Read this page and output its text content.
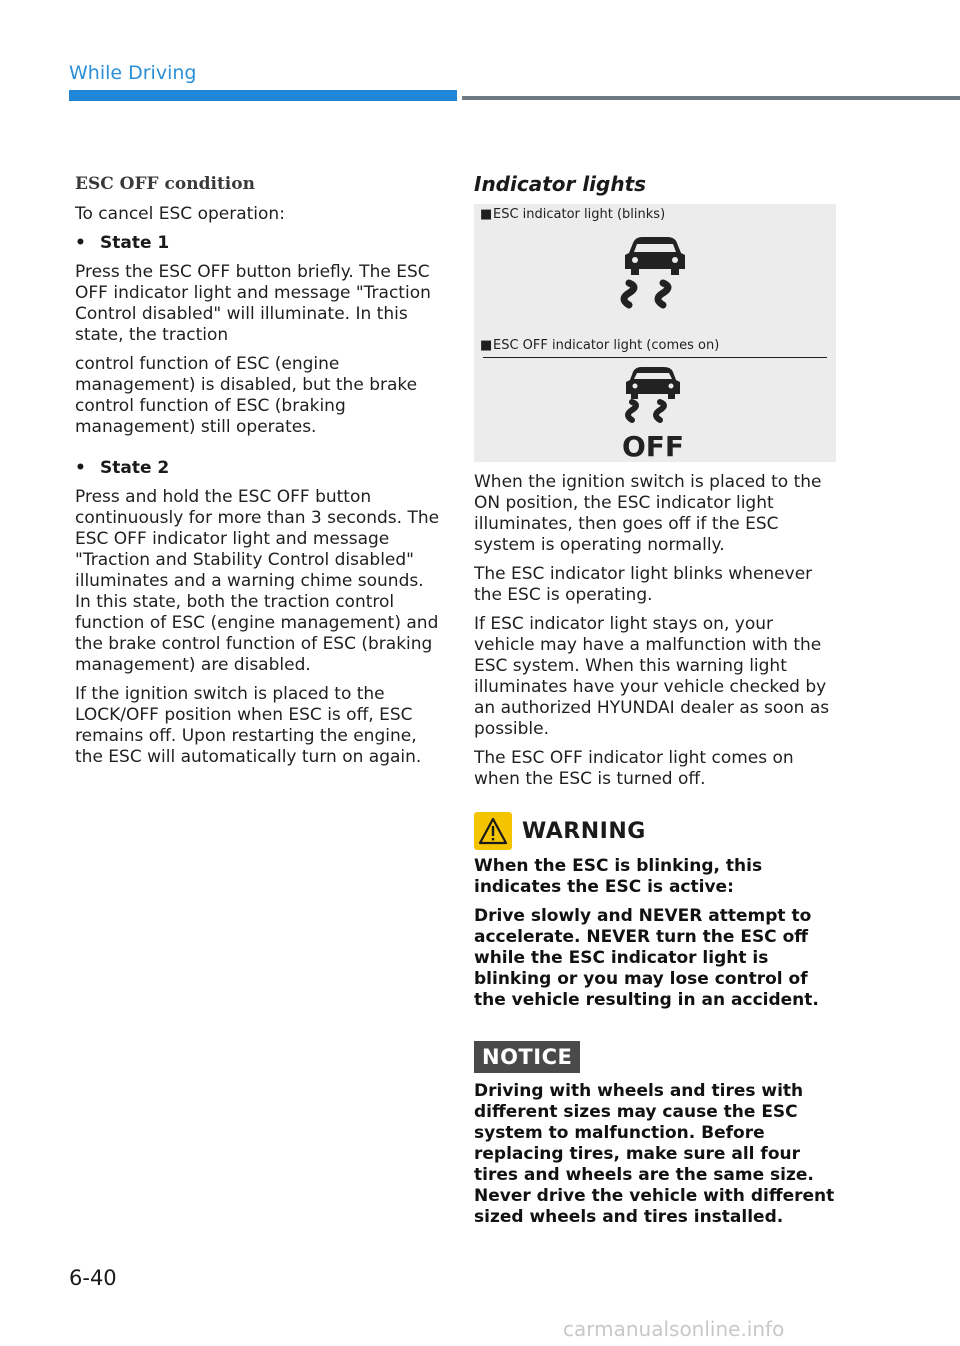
While Driving
ESC OFF condition

To cancel ESC operation:

• State 1

Press the ESC OFF button briefly. The ESC OFF indicator light and message "Traction Control disabled" will illuminate. In this state, the traction

control function of ESC (engine management) is disabled, but the brake control function of ESC (braking management) still operates.

• State 2

Press and hold the ESC OFF button continuously for more than 3 seconds. The ESC OFF indicator light and message "Traction and Stability Control disabled" illuminates and a warning chime sounds. In this state, both the traction control function of ESC (engine management) and the brake control function of ESC (braking management) are disabled.

If the ignition switch is placed to the LOCK/OFF position when ESC is off, ESC remains off. Upon restarting the engine, the ESC will automatically turn on again.

Indicator lights
■ESC indicator light (blinks)
■ESC OFF indicator light (comes on)
OFF

When the ignition switch is placed to the ON position, the ESC indicator light illuminates, then goes off if the ESC system is operating normally.

The ESC indicator light blinks whenever the ESC is operating.

If ESC indicator light stays on, your vehicle may have a malfunction with the ESC system. When this warning light illuminates have your vehicle checked by an authorized HYUNDAI dealer as soon as possible.

The ESC OFF indicator light comes on when the ESC is turned off.

WARNING

When the ESC is blinking, this indicates the ESC is active:

Drive slowly and NEVER attempt to accelerate. NEVER turn the ESC off while the ESC indicator light is blinking or you may lose control of the vehicle resulting in an accident.

NOTICE

Driving with wheels and tires with different sizes may cause the ESC system to malfunction. Before replacing tires, make sure all four tires and wheels are the same size. Never drive the vehicle with different sized wheels and tires installed.

6-40
carmanualsonline.info
